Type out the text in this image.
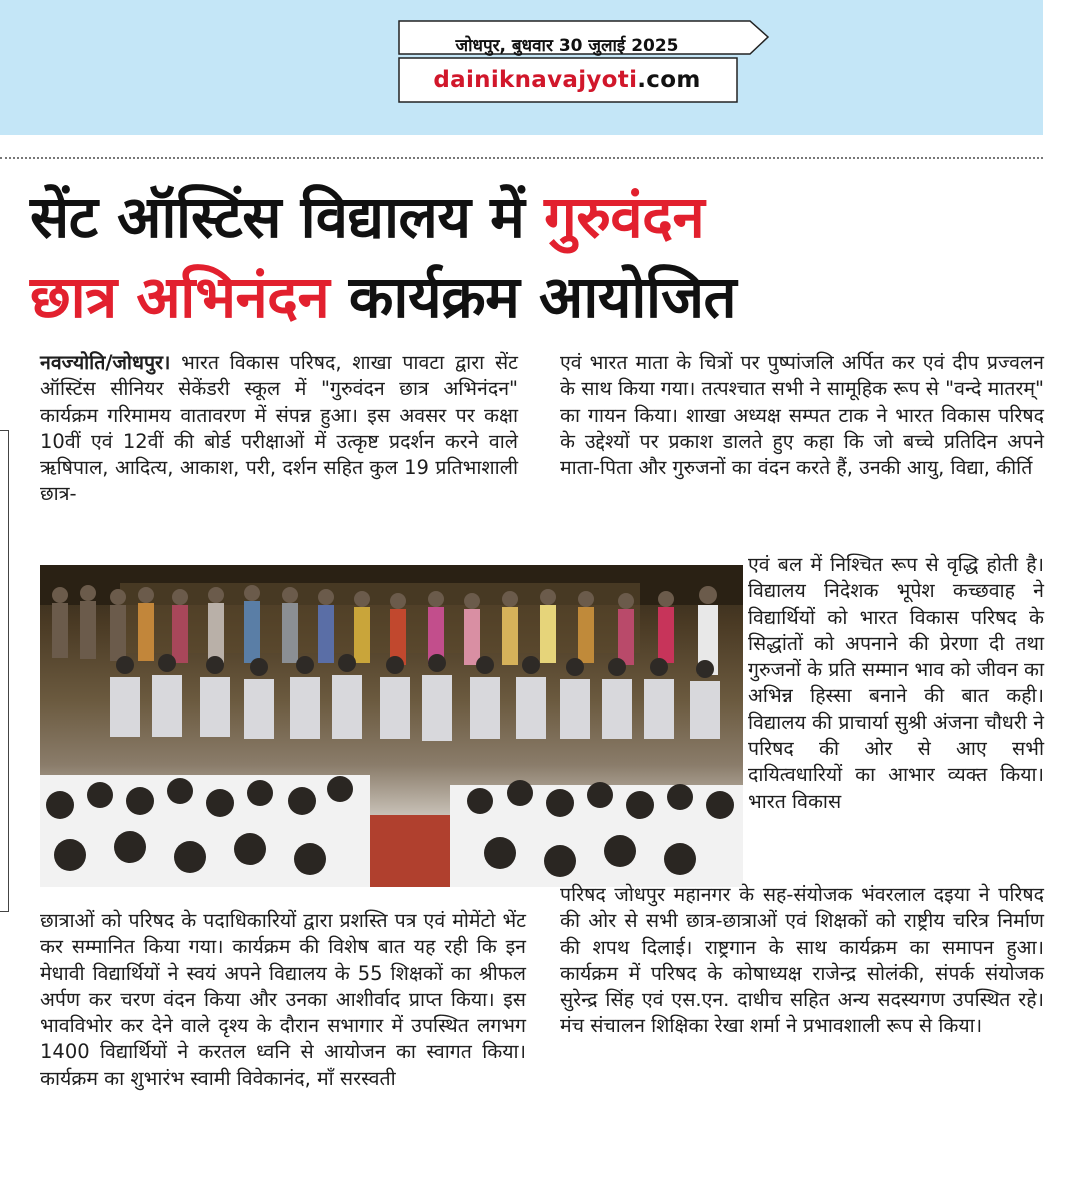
जोधपुर, बुधवार 30 जुलाई 2025
dainiknavajyoti.com
सेंट ऑस्टिंस विद्यालय में गुरुवंदन
छात्र अभिनंदन कार्यक्रम आयोजित

नवज्योति/जोधपुर। भारत विकास परिषद, शाखा पावटा द्वारा सेंट ऑस्टिंस सीनियर सेकेंडरी स्कूल में "गुरुवंदन छात्र अभिनंदन" कार्यक्रम गरिमामय वातावरण में संपन्न हुआ। इस अवसर पर कक्षा 10वीं एवं 12वीं की बोर्ड परीक्षाओं में उत्कृष्ट प्रदर्शन करने वाले ऋषिपाल, आदित्य, आकाश, परी, दर्शन सहित कुल 19 प्रतिभाशाली छात्र-

एवं भारत माता के चित्रों पर पुष्पांजलि अर्पित कर एवं दीप प्रज्वलन के साथ किया गया। तत्पश्चात सभी ने सामूहिक रूप से "वन्दे मातरम्" का गायन किया। शाखा अध्यक्ष सम्पत टाक ने भारत विकास परिषद के उद्देश्यों पर प्रकाश डालते हुए कहा कि जो बच्चे प्रतिदिन अपने माता-पिता और गुरुजनों का वंदन करते हैं, उनकी आयु, विद्या, कीर्ति

एवं बल में निश्चित रूप से वृद्धि होती है। विद्यालय निदेशक भूपेश कच्छवाह ने विद्यार्थियों को भारत विकास परिषद के सिद्धांतों को अपनाने की प्रेरणा दी तथा गुरुजनों के प्रति सम्मान भाव को जीवन का अभिन्न हिस्सा बनाने की बात कही। विद्यालय की प्राचार्या सुश्री अंजना चौधरी ने परिषद की ओर से आए सभी दायित्वधारियों का आभार व्यक्त किया। भारत विकास

छात्राओं को परिषद के पदाधिकारियों द्वारा प्रशस्ति पत्र एवं मोमेंटो भेंट कर सम्मानित किया गया। कार्यक्रम की विशेष बात यह रही कि इन मेधावी विद्यार्थियों ने स्वयं अपने विद्यालय के 55 शिक्षकों का श्रीफल अर्पण कर चरण वंदन किया और उनका आशीर्वाद प्राप्त किया। इस भावविभोर कर देने वाले दृश्य के दौरान सभागार में उपस्थित लगभग 1400 विद्यार्थियों ने करतल ध्वनि से आयोजन का स्वागत किया। कार्यक्रम का शुभारंभ स्वामी विवेकानंद, माँ सरस्वती

परिषद जोधपुर महानगर के सह-संयोजक भंवरलाल दइया ने परिषद की ओर से सभी छात्र-छात्राओं एवं शिक्षकों को राष्ट्रीय चरित्र निर्माण की शपथ दिलाई। राष्ट्रगान के साथ कार्यक्रम का समापन हुआ। कार्यक्रम में परिषद के कोषाध्यक्ष राजेन्द्र सोलंकी, संपर्क संयोजक सुरेन्द्र सिंह एवं एस.एन. दाधीच सहित अन्य सदस्यगण उपस्थित रहे। मंच संचालन शिक्षिका रेखा शर्मा ने प्रभावशाली रूप से किया।
